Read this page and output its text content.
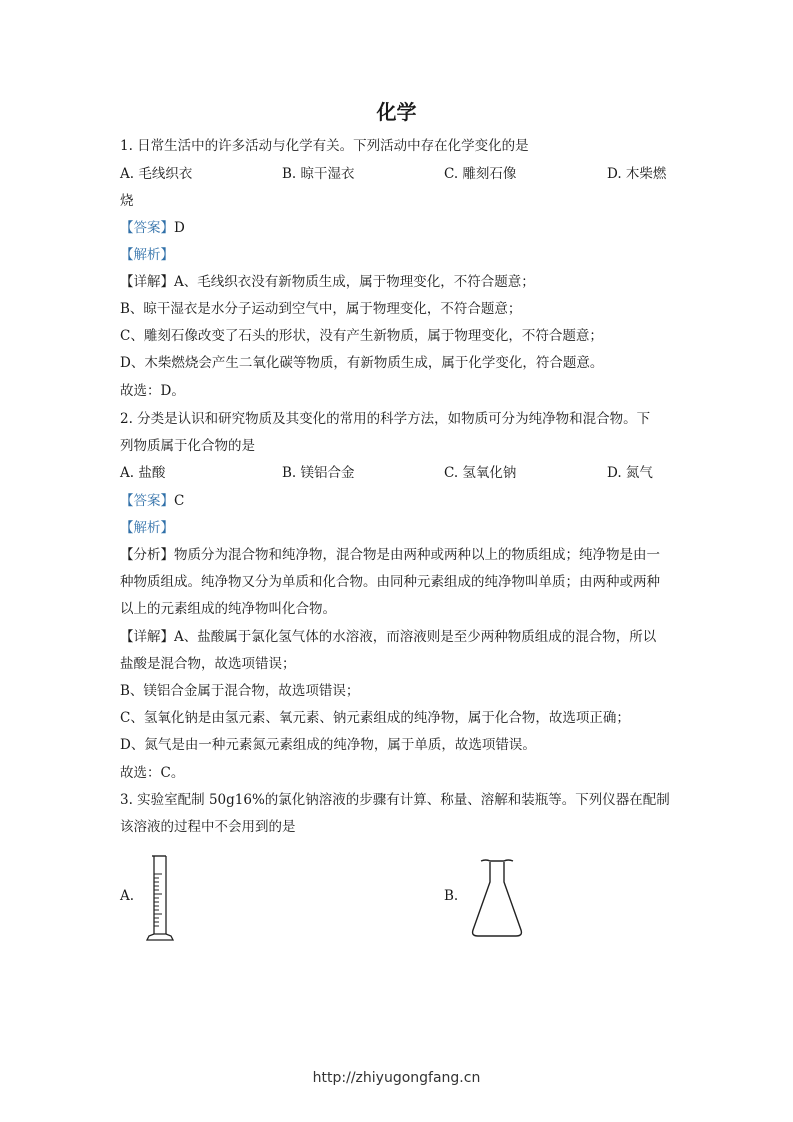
化学
1. 日常生活中的许多活动与化学有关。下列活动中存在化学变化的是
A. 毛线织衣	B. 晾干湿衣	C. 雕刻石像	D. 木柴燃
烧
【答案】D
【解析】
【详解】A、毛线织衣没有新物质生成，属于物理变化，不符合题意；
B、晾干湿衣是水分子运动到空气中，属于物理变化，不符合题意；
C、雕刻石像改变了石头的形状，没有产生新物质，属于物理变化，不符合题意；
D、木柴燃烧会产生二氧化碳等物质，有新物质生成，属于化学变化，符合题意。
故选：D。
2. 分类是认识和研究物质及其变化的常用的科学方法，如物质可分为纯净物和混合物。下
列物质属于化合物的是
A. 盐酸	B. 镁铝合金	C. 氢氧化钠	D. 氮气
【答案】C
【解析】
【分析】物质分为混合物和纯净物，混合物是由两种或两种以上的物质组成；纯净物是由一
种物质组成。纯净物又分为单质和化合物。由同种元素组成的纯净物叫单质；由两种或两种
以上的元素组成的纯净物叫化合物。
【详解】A、盐酸属于氯化氢气体的水溶液，而溶液则是至少两种物质组成的混合物，所以
盐酸是混合物，故选项错误；
B、镁铝合金属于混合物，故选项错误；
C、氢氧化钠是由氢元素、氧元素、钠元素组成的纯净物，属于化合物，故选项正确；
D、氮气是由一种元素氮元素组成的纯净物，属于单质，故选项错误。
故选：C。
3. 实验室配制 50g16%的氯化钠溶液的步骤有计算、称量、溶解和装瓶等。下列仪器在配制
该溶液的过程中不会用到的是
A.	B.
http://zhiyugongfang.cn
